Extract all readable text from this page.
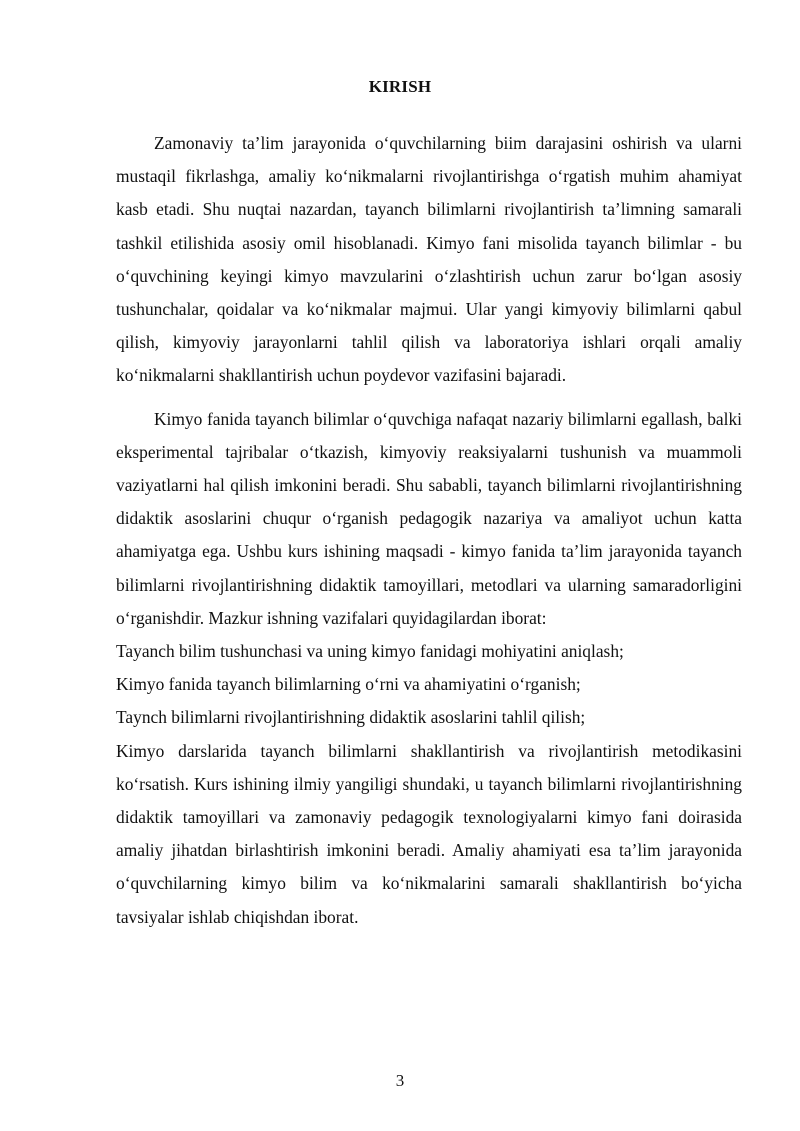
KIRISH

Zamonaviy ta’lim jarayonida o‘quvchilarning biim darajasini oshirish va ularni mustaqil fikrlashga, amaliy ko‘nikmalarni rivojlantirishga o‘rgatish muhim ahamiyat kasb etadi. Shu nuqtai nazardan, tayanch bilimlarni rivojlantirish ta’limning samarali tashkil etilishida asosiy omil hisoblanadi. Kimyo fani misolida tayanch bilimlar - bu o‘quvchining keyingi kimyo mavzularini o‘zlashtirish uchun zarur bo‘lgan asosiy tushunchalar, qoidalar va ko‘nikmalar majmui. Ular yangi kimyoviy bilimlarni qabul qilish, kimyoviy jarayonlarni tahlil qilish va laboratoriya ishlari orqali amaliy ko‘nikmalarni shakllantirish uchun poydevor vazifasini bajaradi.

Kimyo fanida tayanch bilimlar o‘quvchiga nafaqat nazariy bilimlarni egallash, balki eksperimental tajribalar o‘tkazish, kimyoviy reaksiyalarni tushunish va muammoli vaziyatlarni hal qilish imkonini beradi. Shu sababli, tayanch bilimlarni rivojlantirishning didaktik asoslarini chuqur o‘rganish pedagogik nazariya va amaliyot uchun katta ahamiyatga ega. Ushbu kurs ishining maqsadi - kimyo fanida ta’lim jarayonida tayanch bilimlarni rivojlantirishning didaktik tamoyillari, metodlari va ularning samaradorligini o‘rganishdir. Mazkur ishning vazifalari quyidagilardan iborat:

Tayanch bilim tushunchasi va uning kimyo fanidagi mohiyatini aniqlash;

Kimyo fanida tayanch bilimlarning o‘rni va ahamiyatini o‘rganish;

Taynch bilimlarni rivojlantirishning didaktik asoslarini tahlil qilish;

Kimyo darslarida tayanch bilimlarni shakllantirish va rivojlantirish metodikasini ko‘rsatish. Kurs ishining ilmiy yangiligi shundaki, u tayanch bilimlarni rivojlantirishning didaktik tamoyillari va zamonaviy pedagogik texnologiyalarni kimyo fani doirasida amaliy jihatdan birlashtirish imkonini beradi. Amaliy ahamiyati esa ta’lim jarayonida o‘quvchilarning kimyo bilim va ko‘nikmalarini samarali shakllantirish bo‘yicha tavsiyalar ishlab chiqishdan iborat.

3
